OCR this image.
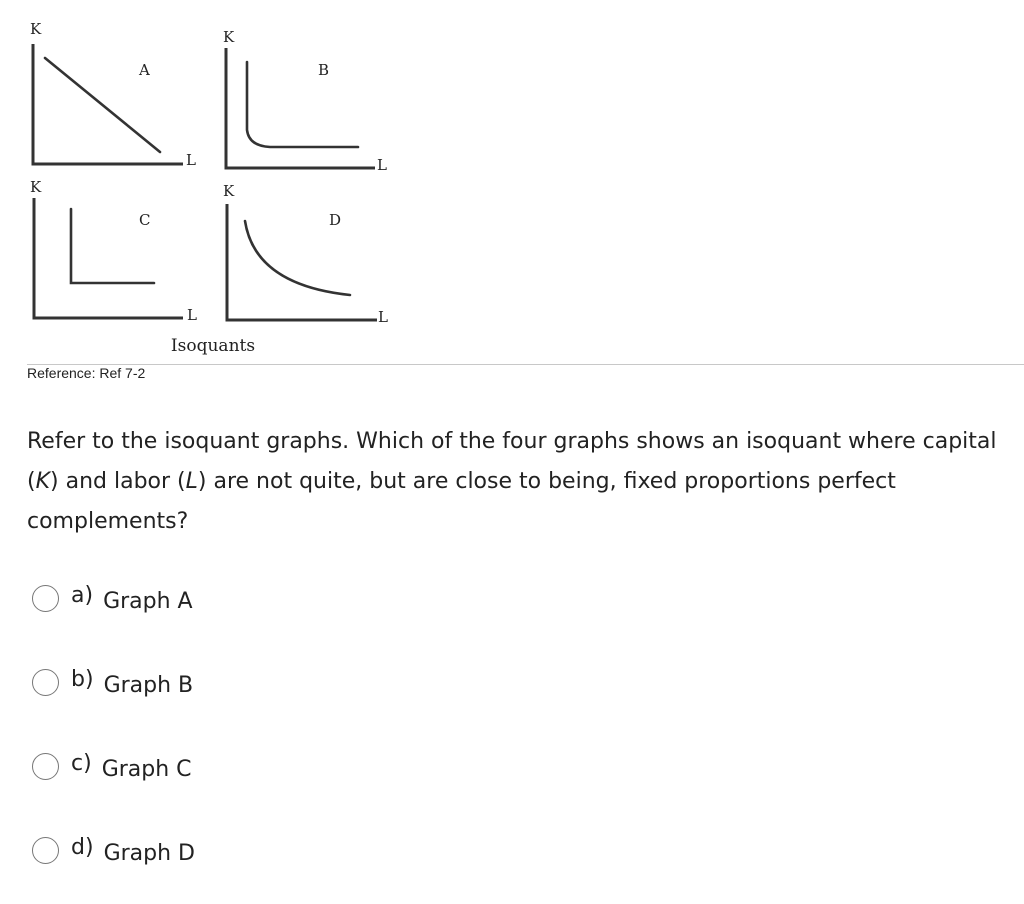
K
L
A
K
L
B
K
L
C
K
L
D
Isoquants
Reference: Ref 7-2
Refer to the isoquant graphs. Which of the four graphs shows an isoquant where capital (K) and labor (L) are not quite, but are close to being, fixed proportions perfect complements?
a) Graph A
b) Graph B
c) Graph C
d) Graph D
